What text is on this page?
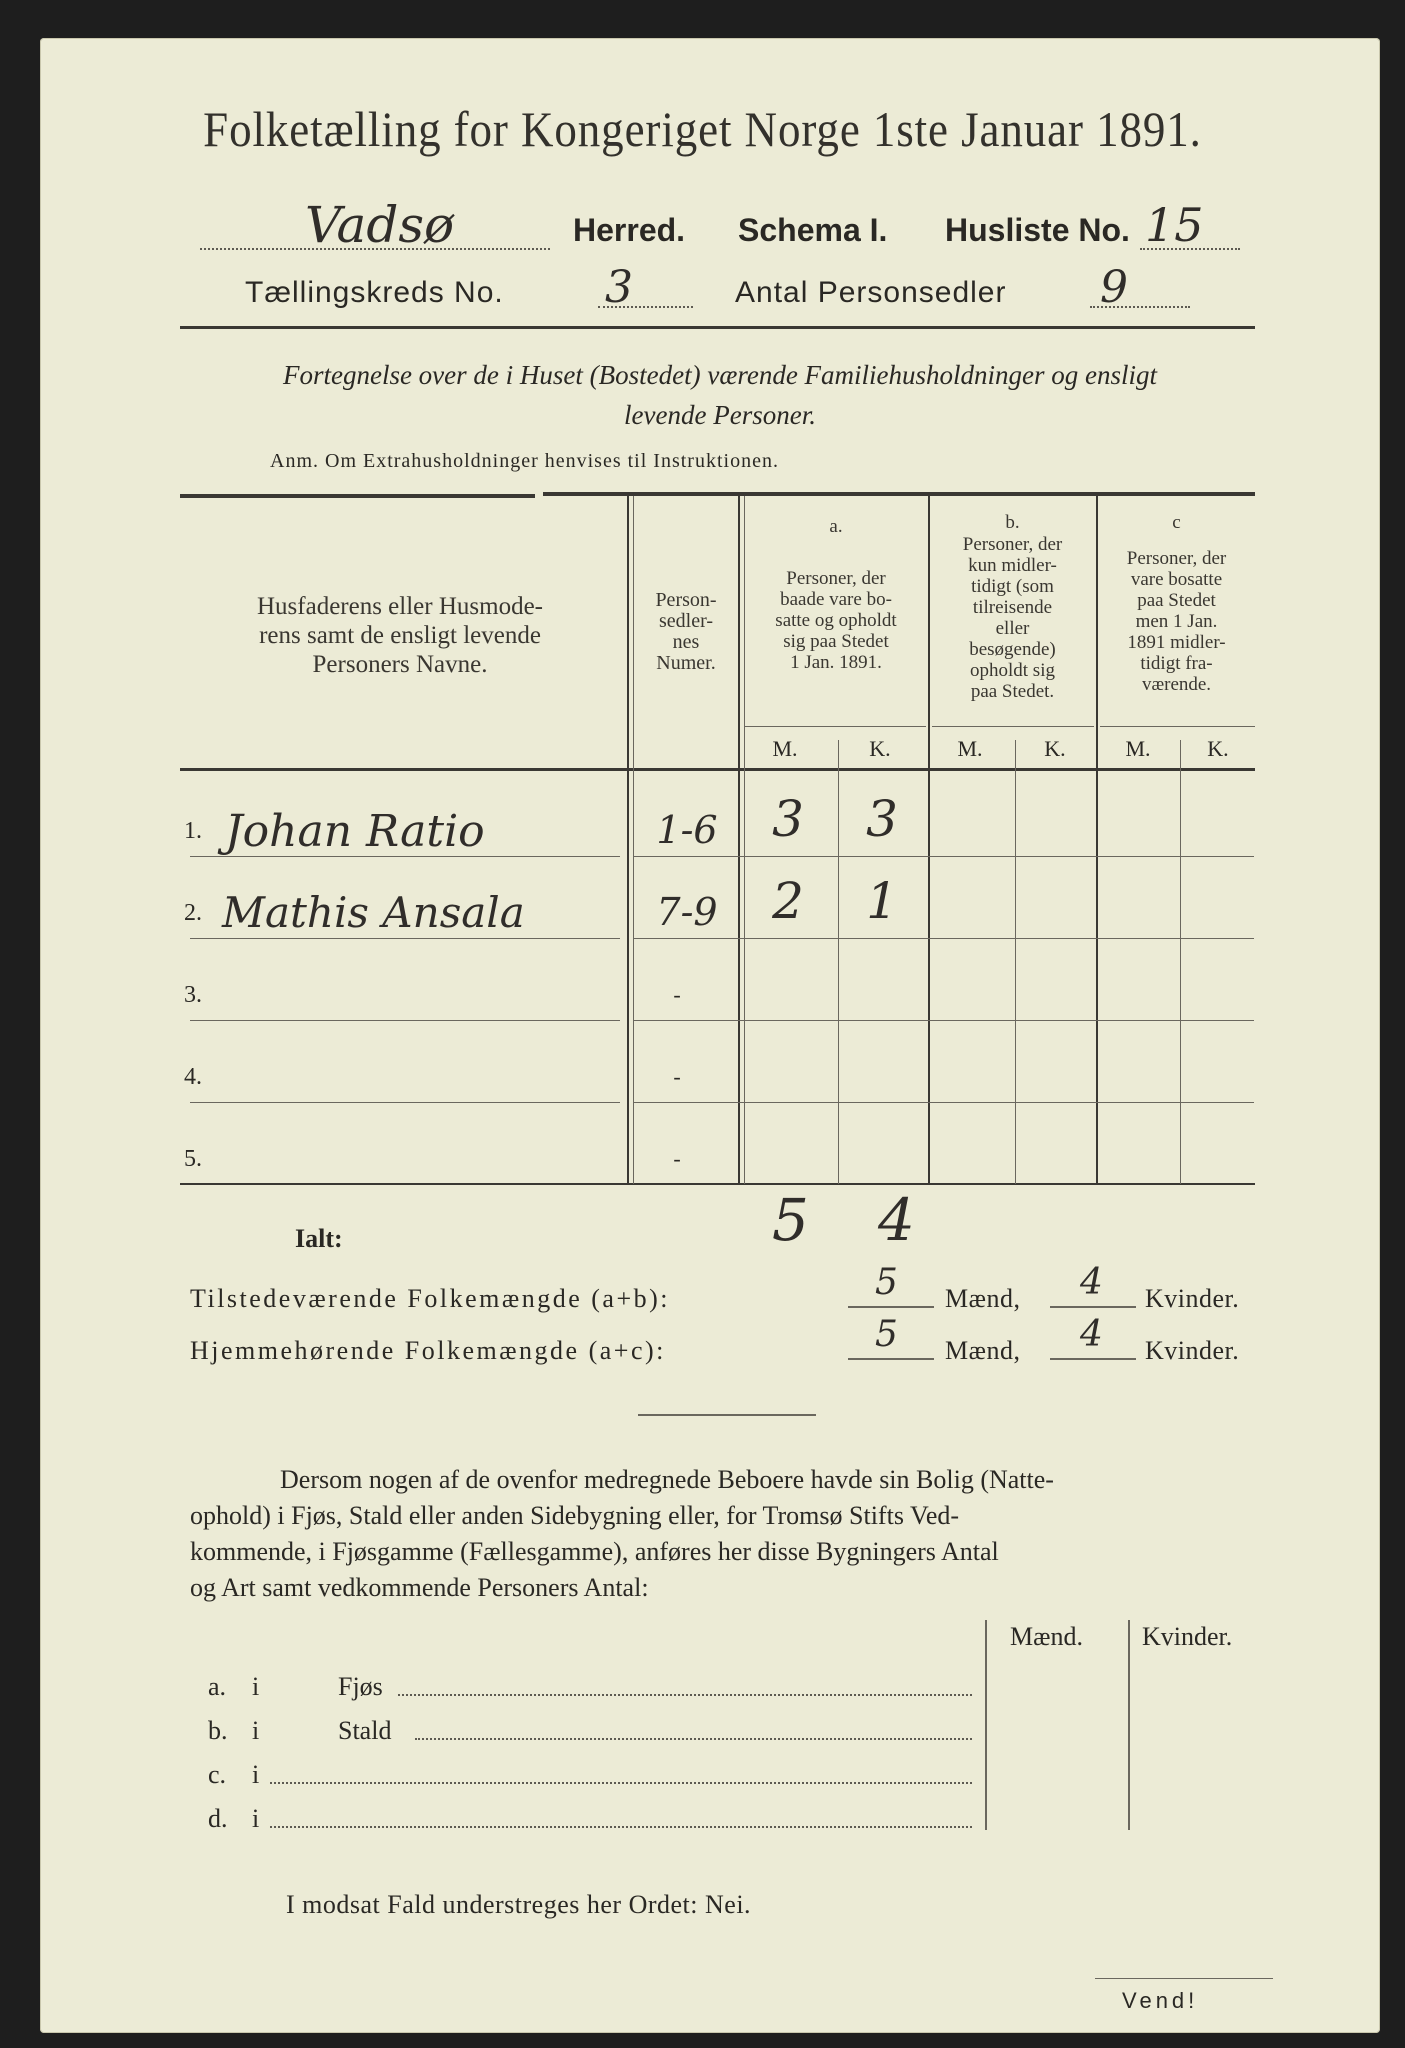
Folketælling for Kongeriget Norge 1ste Januar 1891.
Vadsø	Herred. Schema I. Husliste No. 15
Tællingskreds No. 3	Antal Personsedler 9
Fortegnelse over de i Huset (Bostedet) værende Familiehusholdninger og ensligt
levende Personer.
Anm. Om Extrahusholdninger henvises til Instruktionen.
Husfaderens eller Husmode-
rens samt de ensligt levende
Personers Navne.
Person-
sedler-
nes
Numer.
a.
Personer, der
baade vare bo-
satte og opholdt
sig paa Stedet
1 Jan. 1891.
b.
Personer, der
kun midler-
tidigt (som
tilreisende
eller
besøgende)
opholdt sig
paa Stedet.
c
Personer, der
vare bosatte
paa Stedet
men 1 Jan.
1891 midler-
tidigt fra-
værende.
M.	K.	M.	K.	M.	K.
1. Johan Ratio	1-6	3	3
2. Mathis Ansala	7-9	2	1
3.	-
4.	-
5.	-
Ialt:	5 4
Tilstedeværende Folkemængde (a+b):	5 Mænd, 4 Kvinder.
Hjemmehørende Folkemængde (a+c):	5 Mænd, 4 Kvinder.
Dersom nogen af de ovenfor medregnede Beboere havde sin Bolig (Natte-
ophold) i Fjøs, Stald eller anden Sidebygning eller, for Tromsø Stifts Ved-
kommende, i Fjøsgamme (Fællesgamme), anføres her disse Bygningers Antal
og Art samt vedkommende Personers Antal:
Mænd. Kvinder.
a. i	Fjøs
b. i	Stald
c. i
d. i
I modsat Fald understreges her Ordet: Nei.
Vend!
